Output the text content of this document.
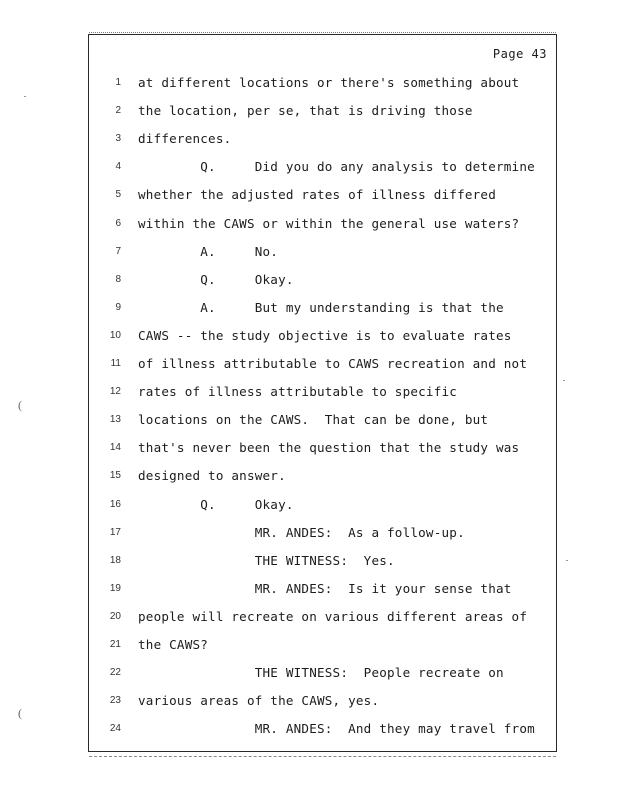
Page 43
1 at different locations or there's something about
2 the location, per se, that is driving those
3 differences.
4 Q.     Did you do any analysis to determine
5 whether the adjusted rates of illness differed
6 within the CAWS or within the general use waters?
7 A.     No.
8 Q.     Okay.
9 A.     But my understanding is that the
10 CAWS -- the study objective is to evaluate rates
11 of illness attributable to CAWS recreation and not
12 rates of illness attributable to specific
13 locations on the CAWS.  That can be done, but
14 that's never been the question that the study was
15 designed to answer.
16 Q.     Okay.
17 MR. ANDES:  As a follow-up.
18 THE WITNESS:  Yes.
19 MR. ANDES:  Is it your sense that
20 people will recreate on various different areas of
21 the CAWS?
22 THE WITNESS:  People recreate on
23 various areas of the CAWS, yes.
24 MR. ANDES:  And they may travel from
(
(
